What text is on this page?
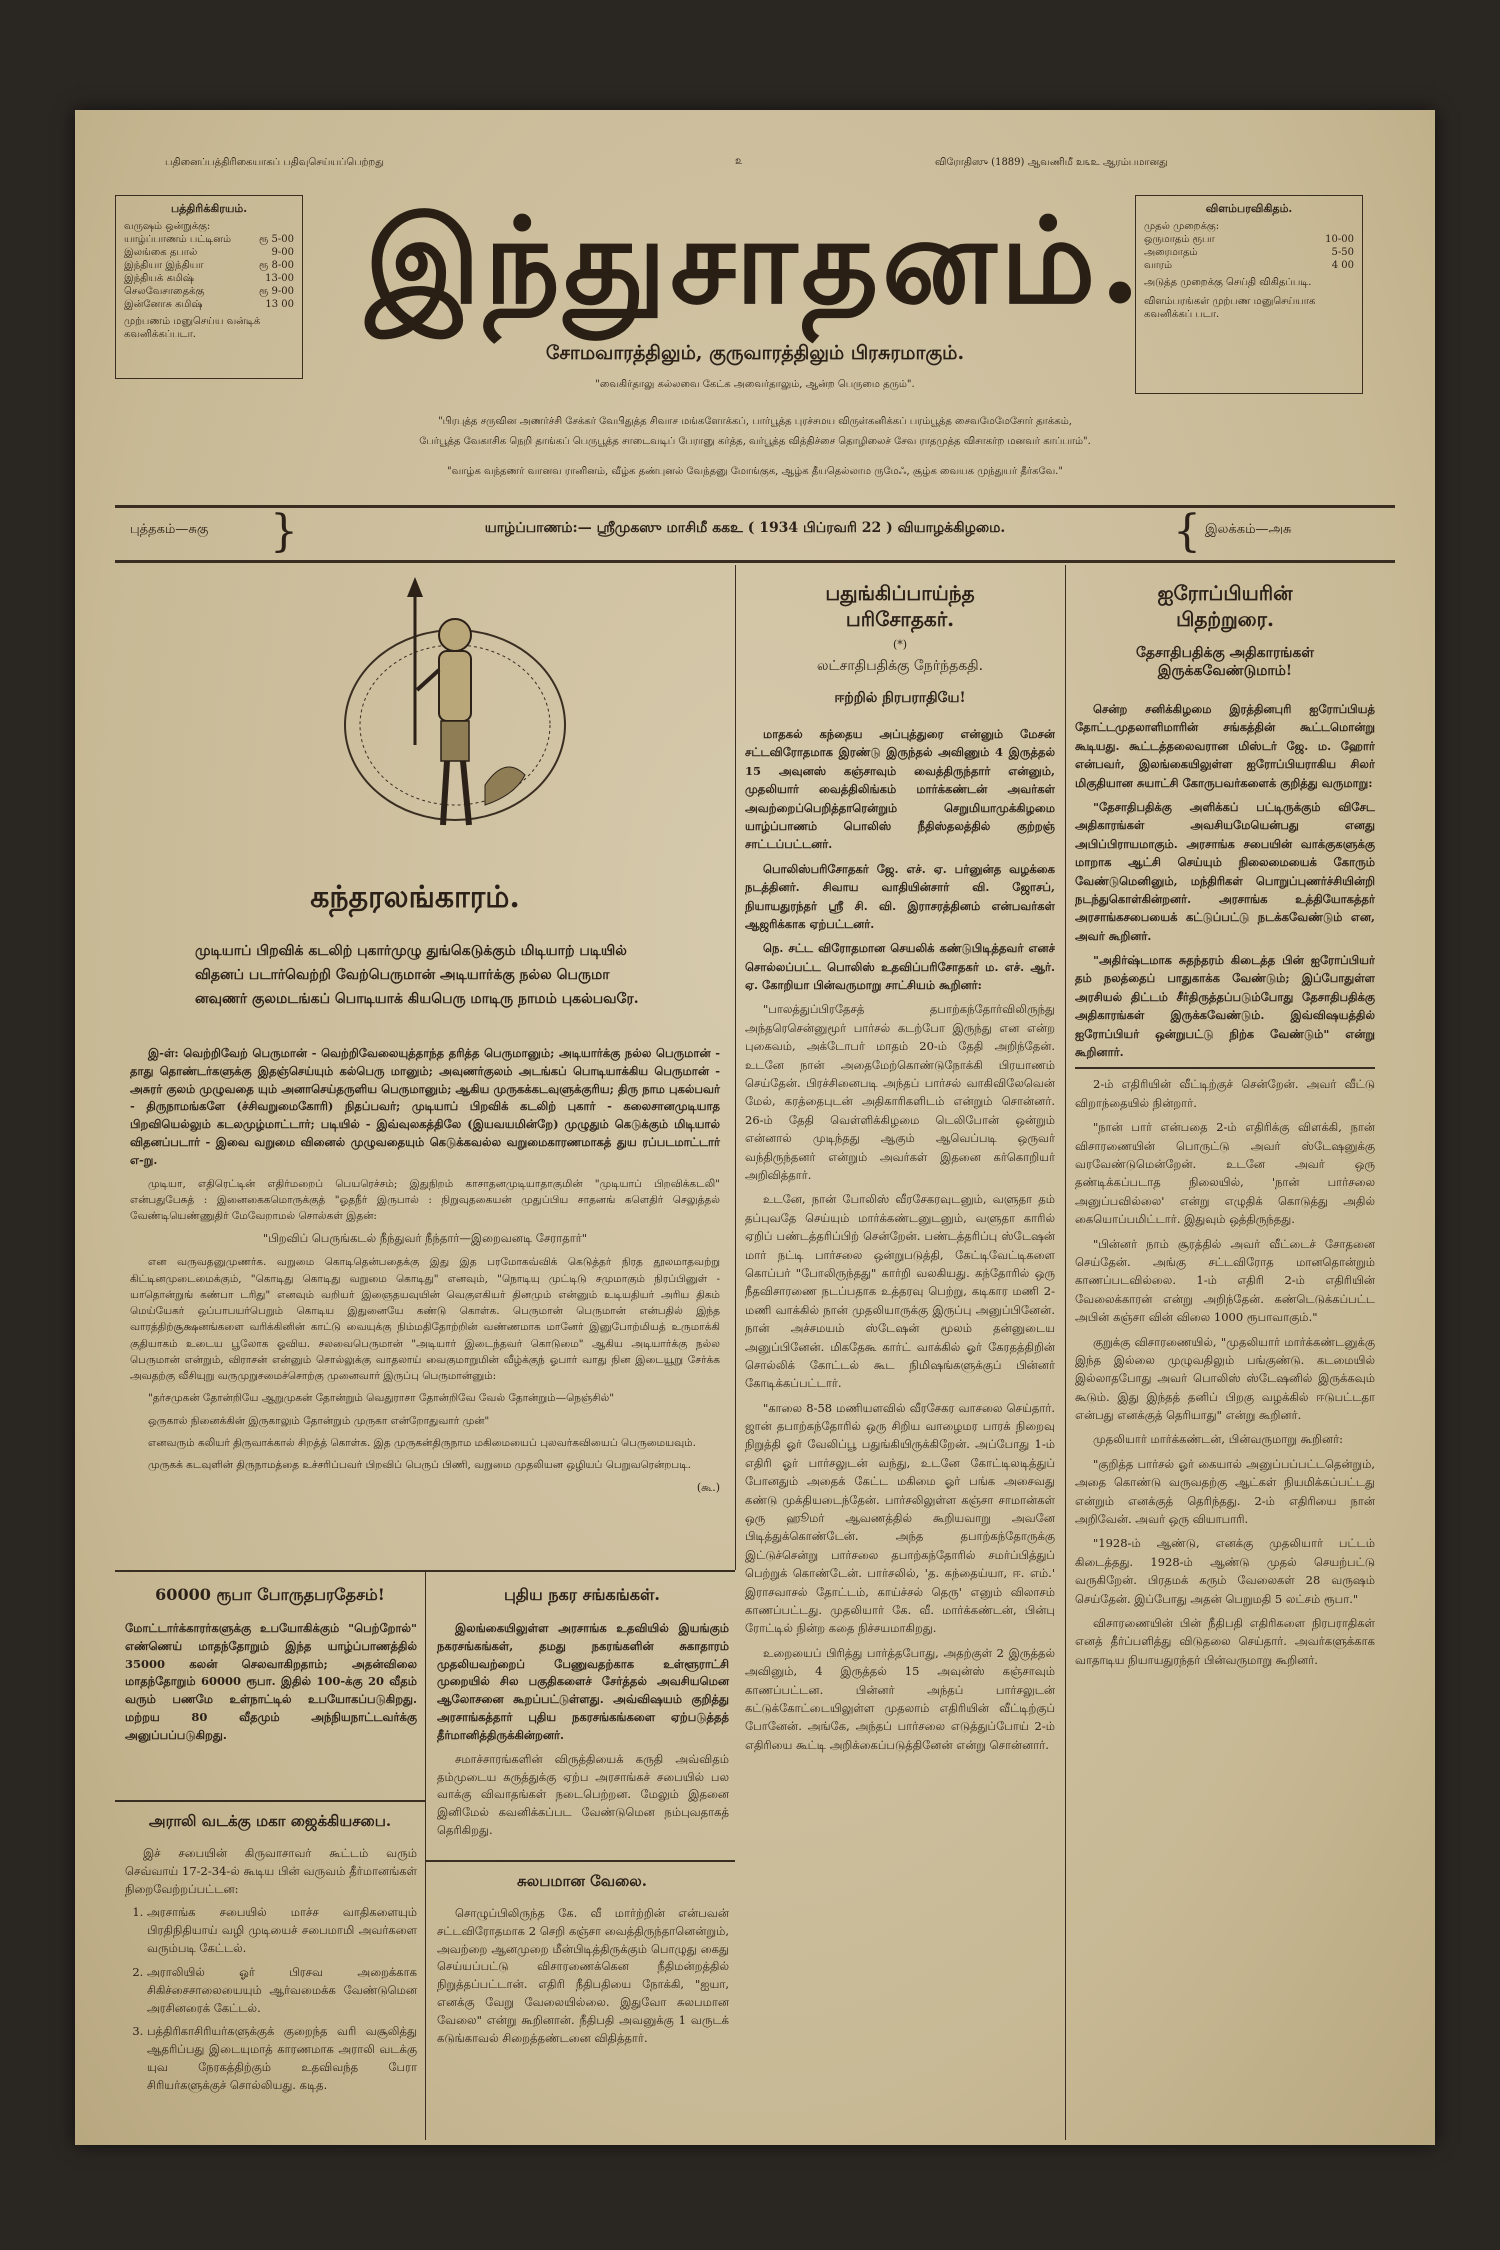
பதினைப்பத்திரிகையாகப் பதிவுசெய்யப்பெற்றது	௨	விரோதிஸு (1889) ஆவணிமீ ௨௩உ ஆரம்பமானது
பத்திரிக்கிரயம்.
வருஷம் ஒன்றுக்கு:
யாழ்ப்பாணம் பட்டினம்	ரூ 5-00
இலங்கை தபால்	9-00
இந்தியா இந்தியா	ரூ 8-00
இந்தியக் கமிஷ்	13-00
செலவேசாதைக்கு	ரூ 9-00
இன்னோசு கமிஷ்	13 00
முற்பணம் மனுசெய்ய வன்டிக் கவனிக்கப்படா.
இந்துசாதனம்.
சோமவாரத்திலும், குருவாரத்திலும் பிரசுரமாகும்.
"வைகிர்தாலு கல்லவை கேட்க அவைர்தாலும், ஆன்ற பெருமை தரும்".
விளம்பரவிகிதம்.
முதல் முறைக்கு:
ஒருமாதம் ரூபா	10-00
அரைமாதம்	5-50
வாரம்	4 00
அடுத்த முறைக்கு செய்தி விகிதப்படி.
விளம்பரங்கள் முற்பண மனுசெய்யாக கவனிக்கப் படா.
"பிரபுத்த சருவின அணர்ச்சி சேக்கர் வேபிதுத்த சிவாச மங்களோக்கப், பார்பூத்த புரச்சமய விருள்கனிக்கப் பரம்பூத்த சைவமேமேசோர் தாக்கம்,
பேர்பூத்த வேகாசிக நெறி தாங்கப் பெருபூத்த சாடைவடிப் பேரானு கர்த்த, வர்பூத்த வித்திச்சை தொழிலைச் சேவ ராதமுத்த விசாகர்ற மனவர் காப்பாம்".
"வாழ்க வந்தணர் வானவ ரானினம், வீழ்க தண்புனல் வேந்தனு மோங்குக, ஆழ்க தீயதெல்லாம ருமேஃ, சூழ்க வையக முந்துயர் தீர்கவே."
புத்தகம்—சுகு }	யாழ்ப்பாணம்:— ஸ்ரீமுகஸு மாசிமீ ககஉ ( 1934 பிப்ரவரி 22 ) வியாழக்கிழமை.	{ இலக்கம்—அசு
கந்தரலங்காரம்.
முடியாப் பிறவிக் கடலிற் புகார்முழு துங்கெடுக்கும் மிடியாற் படியில் விதனப் படார்வெற்றி வேற்பெருமான் அடியார்க்கு நல்ல பெருமா னவுணர் குலமடங்கப் பொடியாக் கியபெரு மாடிரு நாமம் புகல்பவரே.

இ-ள்: வெற்றிவேற் பெருமான் - வெற்றிவேலையுத்தாந்த தரித்த பெருமானும்; அடியார்க்கு நல்ல பெருமான் - தாது தொண்டர்களுக்கு இதஞ்செய்யும் கல்பெரு மானும்; அவுணர்குலம் அடங்கப் பொடியாக்கிய பெருமான் - அசுரர் குலம் முழுவதை யும் அனாசெய்தருளிய பெருமானும்; ஆகிய முருகக்கடவுளுக்குரிய; திரு நாம புகல்பவர் - திருநாமங்களே (ச்சிவறுமைகோரி) நிதப்பவர்; முடியாப் பிறவிக் கடலிற் புகார் - கலைசானமுடியாத பிறவியெல்லும் கடலமுழ்மாட்டார்; படியில் - இவ்வுலகத்திலே (இயவயமின்றே) முழுதும் கெடுக்கும் மிடியால் விதனப்படார் - இவை வறுமை வினைல் முழுவதையும் கெடுக்கவல்ல வறுமைகாரணமாகத் துய ரப்படமாட்டார் எ-று.

முடியா, எதிரெட்டின் எதிர்மறைப் பெயரெச்சம்; இதுநிறம் காசாதனமுடியாதாகுமின் "முடியாப் பிறவிக்கடலி" என்பதுபேசுத் : இனைகைகமொருக்குத் "ஓதநீர் இருபால் : நிறுவுதகையன் முதுப்பிய சாதனங் களெதிர் செலுத்தல் வேண்டியெண்ணுதிர் மேவேறாமல் சொல்கள் இதன்:

"பிறவிப் பெருங்கடல் நீந்துவர் நீந்தார்—இறைவனடி சேராதார்"

என வருவதனுமுணர்க. வறுமை கொடிதென்பதைக்கு இது இத பரமோகவ்விக் கெடுத்தர் நிரத தூலமாதவற்று கிட்டினமுடைமைக்கும், "கொடிது கொடிது வறுமை கொடிது" எனவும், "நொடியு முட்டிடு சமுமாகும் நிரப்பினுள் - யாதொன்றுங் கண்பா டரிது" எனவும் வறியர் இஞைதயவுயின் வெகுஎகியர் தினமும் என்னும் உடியதியர் அரிய திகம் மெய்யேகர் ஒப்பாபயர்பெறும் கொடிய இதுனையே கண்டு கொள்க. பெருமான் பெருமான் என்பதில் இந்த வாரத்திற்சூக்ஷனங்களை வரிக்கினின் காட்டு வையுக்கு நிம்மதிதோற்றின் வண்ணமாக மானேர் இனுபோற்மியத் உருமாக்கி குதியாகம் உடைய பூலோக ஓவிய. சலவைபெருமான் "அடியார் இடைந்தவர் கொடுமை" ஆகிய அடியார்க்கு நல்ல பெருமான் என்றும், விராசன் என்னும் சொல்லுக்கு வாதலாய் வைகுமாறுமின் வீழ்க்குந் ஓபார் வாது நின இடையூறு சேர்க்க அவதற்கு வீசியுறு வருமுறுசமைச்சொற்கு முனைவார் இருப்பு பெருமான்னும்:

"தர்சமுகன் தோன்றியே ஆறுமுகன் தோன்றும் வெதுராசா தோன்றிவே வேல் தோன்றும்—நெஞ்சில்"

ஒருகால் நினைக்கின் இருகாலும் தோன்றும் முருகா என்றோதுவார் முன்"

எனவரும் கலியர் திருவாக்கால் சிறத்த் கொள்க. இத முருகன்திருநாம மகிமையைப் புலவர்கவியைப் பெருமையவும்.

முருகக் கடவுளின் திருநாமத்தை உச்சரிப்பவர் பிறவிப் பெருப் பிணி, வறுமை முதலியன ஒழியப் பெறுவரென்றபடி.

(கூ.)
பதுங்கிப்பாய்ந்த
பரிசோதகர்.
(*)
லட்சாதிபதிக்கு நேர்ந்தகதி.
ஈற்றில் நிரபராதியே!

மாதகல் கந்தைய அப்புத்துரை என்னும் மேசன் சட்டவிரோதமாக இரண்டு இருந்தல் அவிணும் 4 இருத்தல் 15 அவுனஸ் கஞ்சாவும் வைத்திருந்தார் என்னும், முதலியார் வைத்திலிங்கம் மார்க்கண்டன் அவர்கள் அவற்றைப்பெறித்தாரென்றும் செறுமியாமுக்கிழமை யாழ்ப்பாணம் பொலிஸ் நீதிஸ்தலத்தில் குற்றஞ் சாட்டப்பட்டனர்.

பொலிஸ்பரிசோதகர் ஜே. எச். ஏ. பர்னுன்த வழக்கை நடத்தினர். சிவாய வாதியின்சார் வி. ஜோசப், நியாயதுரந்தர் ஸ்ரீ சி. வி. இராசரத்தினம் என்பவர்கள் ஆஜரிக்காக ஏற்பட்டனர்.

நெ. சட்ட விரோதமான செயலிக் கண்டுபிடித்தவர் எனச் சொல்லப்பட்ட பொலிஸ் உதவிப்பரிசோதகர் ம. எச். ஆர். ஏ. கோறியா பின்வருமாறு சாட்சியம் கூறினர்:

"பாலத்துப்பிரதேசத் தபாற்கந்தோர்விலிருந்து அந்தரெசென்னுமூர் பார்சல் கடற்போ இருந்து என என்ற புகைவம், அக்டோபர் மாதம் 20-ம் தேதி அறிந்தேன். உடனே நான் அதைமேற்கொண்டுநோக்கி பிரயாணம் செய்தேன். பிரச்சினைபடி அந்தப் பார்சல் வாகிவிலேவென் மேல், கரத்தைபுடன் அதிகாரிகளிடம் என்றும் சொன்னர். 26-ம் தேதி வெள்ளிக்கிழமை டெலிபோன் ஒன்றும் என்னால் முடிந்தது ஆகும் ஆவெப்படி ஒருவர் வந்திருந்தனர் என்றும் அவர்கள் இதனை கர்கொறியர் அறிவித்தார்.

உடனே, நான் போலிஸ் வீரசேகரவுடனும், வளுதா தம் தப்புவதே செய்யும் மார்க்கண்டனுடனும், வளுதா காரில் ஏறிப் பண்டத்தரிப்பிற் சென்றேன். பண்டத்தரிப்பு ஸ்டேஷன் மார் நட்டி பார்சலை ஒன்றுபடுத்தி, கேட்டிவேட்டிகளை கொப்பர் "போலிருந்தது" கார்றி வலகியது. கந்தோரில் ஒரு நீதவிசாரணை நடப்பதாக உத்தரவு பெற்று, கடிகார மணி 2-மணி வாக்கில் நான் முதலியாருக்கு இருப்பு அனுப்பினேன். நான் அச்சமயம் ஸ்டேஷன் மூலம் தன்னுடைய அனுப்பினேன். மிகதேகூ கார்ட் வாக்கில் ஓர் கேரதத்திறின் சொல்லிக் கோட்டல் கூட நிமிஷங்களுக்குப் பின்னர் கோடிக்கப்பட்டார்.

"காலை 8-58 மணியளவில் வீரசேகர வாசலை செய்தார். ஜான் தபாற்கந்தோரில் ஒரு சிறிய வாழைமர பாரக் நிறைவு நிறுத்தி ஓர் வேலிப்பூ பதுங்கியிருக்கிறேன். அப்போது 1-ம் எதிரி ஓர் பார்சலுடன் வந்து, உடனே கோட்டிலடித்துப் போனதும் அதைக் கேட்ட மகிமை ஓர் பங்க அசைவது கண்டு முக்தியடைந்தேன். பார்சலிலுள்ள கஞ்சா சாமான்கள் ஒரு ஹூமர் ஆவணத்தில் கூறியவாறு அவனே பிடித்துக்கொண்டேன். அந்த தபாற்கந்தோருக்கு இட்டுச்சென்று பார்சலை தபாற்கந்தோரில் சமர்ப்பித்துப் பெற்றுக் கொண்டேன். பார்சலில், 'த. கந்தைய்யா, ஈ. எம்.' இராசவாசல் தோட்டம், காய்ச்சல் தெரு' எனும் விலாசம் காணப்பட்டது. முதலியார் கே. வீ. மார்க்கண்டன், பின்பு ரோட்டில் நின்ற கதை நிச்சயமாகிறது.

உறையைப் பிரித்து பார்த்தபோது, அதற்குள் 2 இருத்தல் அவினும், 4 இருத்தல் 15 அவுன்ஸ் கஞ்சாவும் காணப்பட்டன. பின்னர் அந்தப் பார்சலுடன் கட்டுக்கோட்டையிலுள்ள முதலாம் எதிரியின் வீட்டிற்குப் போனேன். அங்கே, அந்தப் பார்சலை எடுத்துப்போய் 2-ம் எதிரியை கூட்டி அறிக்கைப்படுத்தினேன் என்று சொன்னார்.

ஐரோப்பியரின்
பிதற்றுரை.
தேசாதிபதிக்கு அதிகாரங்கள் இருக்கவேண்டுமாம்!

சென்ற சனிக்கிழமை இரத்தினபுரி ஐரோப்பியத் தோட்டமுதலாளிமாரின் சங்கத்தின் கூட்டமொன்று கூடியது. கூட்டத்தலைவரான மிஸ்டர் ஜே. ம. ஹோர் என்பவர், இலங்கையிலுள்ள ஐரோப்பியராகிய சிலர் மிகுதியான சுயாட்சி கோருபவர்களைக் குறித்து வருமாறு:

"தேசாதிபதிக்கு அளிக்கப் பட்டிருக்கும் விசேட அதிகாரங்கள் அவசியமேயென்பது எனது அபிப்பிராயமாகும். அரசாங்க சபையின் வாக்குகளுக்கு மாறாக ஆட்சி செய்யும் நிலைமையைக் கோரும் வேண்டுமெனினும், மந்திரிகள் பொறுப்புணர்ச்சியின்றி நடந்துகொள்கின்றனர். அரசாங்க உத்தியோகத்தர் அரசாங்கசபையைக் கட்டுப்பட்டு நடக்கவேண்டும் என, அவர் கூறினர்.

"அதிர்ஷ்டமாக சுதந்தரம் கிடைத்த பின் ஐரோப்பியர் தம் நலத்தைப் பாதுகாக்க வேண்டும்; இப்போதுள்ள அரசியல் திட்டம் சீர்திருத்தப்படும்போது தேசாதிபதிக்கு அதிகாரங்கள் இருக்கவேண்டும். இவ்விஷயத்தில் ஐரோப்பியர் ஒன்றுபட்டு நிற்க வேண்டும்" என்று கூறினார்.

2-ம் எதிரியின் வீட்டிற்குச் சென்றேன். அவர் வீட்டு விறாந்தையில் நின்றார்.

"நான் பார் என்பதை 2-ம் எதிரிக்கு விளக்கி, நான் விசாரணையின் பொருட்டு அவர் ஸ்டேஷனுக்கு வரவேண்டுமென்றேன். உடனே அவர் ஒரு தண்டிக்கப்படாத நிலையில், 'நான் பார்சலை அனுப்பவில்லை' என்று எழுதிக் கொடுத்து அதில் கையொப்பமிட்டார். இதுவும் ஒத்திருந்தது.

"பின்னர் நாம் சூரத்தில் அவர் வீட்டைச் சோதனை செய்தேன். அங்கு சட்டவிரோத மானதொன்றும் காணப்படவில்லை. 1-ம் எதிரி 2-ம் எதிரியின் வேலைக்காரன் என்று அறிந்தேன். கண்டெடுக்கப்பட்ட அபின் கஞ்சா வின் விலை 1000 ரூபாவாகும்."

குறுக்கு விசாரணையில், "முதலியார் மார்க்கண்டனுக்கு இந்த இல்லை முழுவதிலும் பங்குண்டு. கடமையில் இல்லாதபோது அவர் பொலிஸ் ஸ்டேஷனில் இருக்கவும் கூடும். இது இந்தத் தனிப் பிறகு வழக்கில் ஈடுபட்டதா என்பது எனக்குத் தெரியாது" என்று கூறினர்.

முதலியார் மார்க்கண்டன், பின்வருமாறு கூறினர்:

"குறித்த பார்சல் ஓர் கையால் அனுப்பப்பட்டதென்றும், அதை கொண்டு வருவதற்கு ஆட்கள் நியமிக்கப்பட்டது என்றும் எனக்குத் தெரிந்தது. 2-ம் எதிரியை நான் அறிவேன். அவர் ஒரு வியாபாரி.

"1928-ம் ஆண்டு, எனக்கு முதலியார் பட்டம் கிடைத்தது. 1928-ம் ஆண்டு முதல் செயற்பட்டு வருகிறேன். பிரதமக் கரும் வேலைகள் 28 வருஷம் செய்தேன். இப்போது அதன் பெறுமதி 5 லட்சம் ரூபா."

விசாரணையின் பின் நீதிபதி எதிரிகளை நிரபராதிகள் எனத் தீர்ப்பளித்து விடுதலை செய்தார். அவர்களுக்காக வாதாடிய நியாயதுரந்தர் பின்வருமாறு கூறினர்.

60000 ரூபா போருதபரதேசம்!
மோட்டார்க்காரர்களுக்கு உபயோகிக்கும் "பெற்றோல்" எண்ணெய் மாதந்தோறும் இந்த யாழ்ப்பாணத்தில் 35000 கலன் செலவாகிறதாம்; அதன்விலை மாதந்தோறும் 60000 ரூபா. இதில் 100-க்கு 20 வீதம் வரும் பணமே உள்நாட்டில் உபயோகப்படுகிறது. மற்றய 80 வீதமும் அந்நியநாட்டவர்க்கு அனுப்பப்படுகிறது.
அராலி வடக்கு மகா ஜைக்கியசபை.

இச் சபையின் கிருவாசாவர் கூட்டம் வரும் செவ்வாய் 17-2-34-ல் கூடிய பின் வருவம் தீர்மானங்கள் நிறைவேற்றப்பட்டன:

1. அரசாங்க சபையில் மாச்ச வாதிகளையும் பிரதிநிதியாய் வழி முடியைச் சபைமாமி அவர்களை வரும்படி கேட்டல்.
2. அராலியில் ஓர் பிரசவ அறைக்காக சிகிச்சைசாலையையும் ஆர்வமைக்க வேண்டுமென அரசினரைக் கேட்டல்.
3. பத்திரிகாசிரியர்களுக்குக் குறைந்த வரி வசூலித்து ஆதரிப்பது இடையுமாத் காரணமாக அராலி வடக்கு யுவ நேரகத்திற்கும் உதவிவந்த பேரா சிரியர்களுக்குச் சொல்லியது. கடித.
புதிய நகர சங்கங்கள்.

இலங்கையிலுள்ள அரசாங்க உதவியில் இயங்கும் நகரசங்கங்கள், தமது நகரங்களின் சுகாதாரம் முதலியவற்றைப் பேணுவதற்காக உள்ளூராட்சி முறையில் சில பகுதிகளைச் சேர்த்தல் அவசியமென ஆலோசனை கூறப்பட்டுள்ளது. அவ்விஷயம் குறித்து அரசாங்கத்தார் புதிய நகரசங்கங்களை ஏற்படுத்தத் தீர்மானித்திருக்கின்றனர்.

சமாச்சாரங்களின் விருத்தியைக் கருதி அவ்விதம் தம்முடைய கருத்துக்கு ஏற்ப அரசாங்கச் சபையில் பல வாக்கு விவாதங்கள் நடைபெற்றன. மேலும் இதனை இனிமேல் கவனிக்கப்பட வேண்டுமென நம்புவதாகத் தெரிகிறது.

சுலபமான வேலை.

சொழுப்பிலிருந்த கே. வீ மார்ற்றின் என்பவன் சட்டவிரோதமாக 2 செறி கஞ்சா வைத்திருந்தானென்றும், அவற்றை ஆனமுறை மீன்பிடித்திருக்கும் பொழுது கைது செய்யப்பட்டு விசாரணைக்கென நீதிமன்றத்தில் நிறுத்தப்பட்டான். எதிரி நீதிபதியை நோக்கி, "ஐயா, எனக்கு வேறு வேலையில்லை. இதுவோ சுலபமான வேலை" என்று கூறினான். நீதிபதி அவனுக்கு 1 வருடக் கடுங்காவல் சிறைத்தண்டனை விதித்தார்.
